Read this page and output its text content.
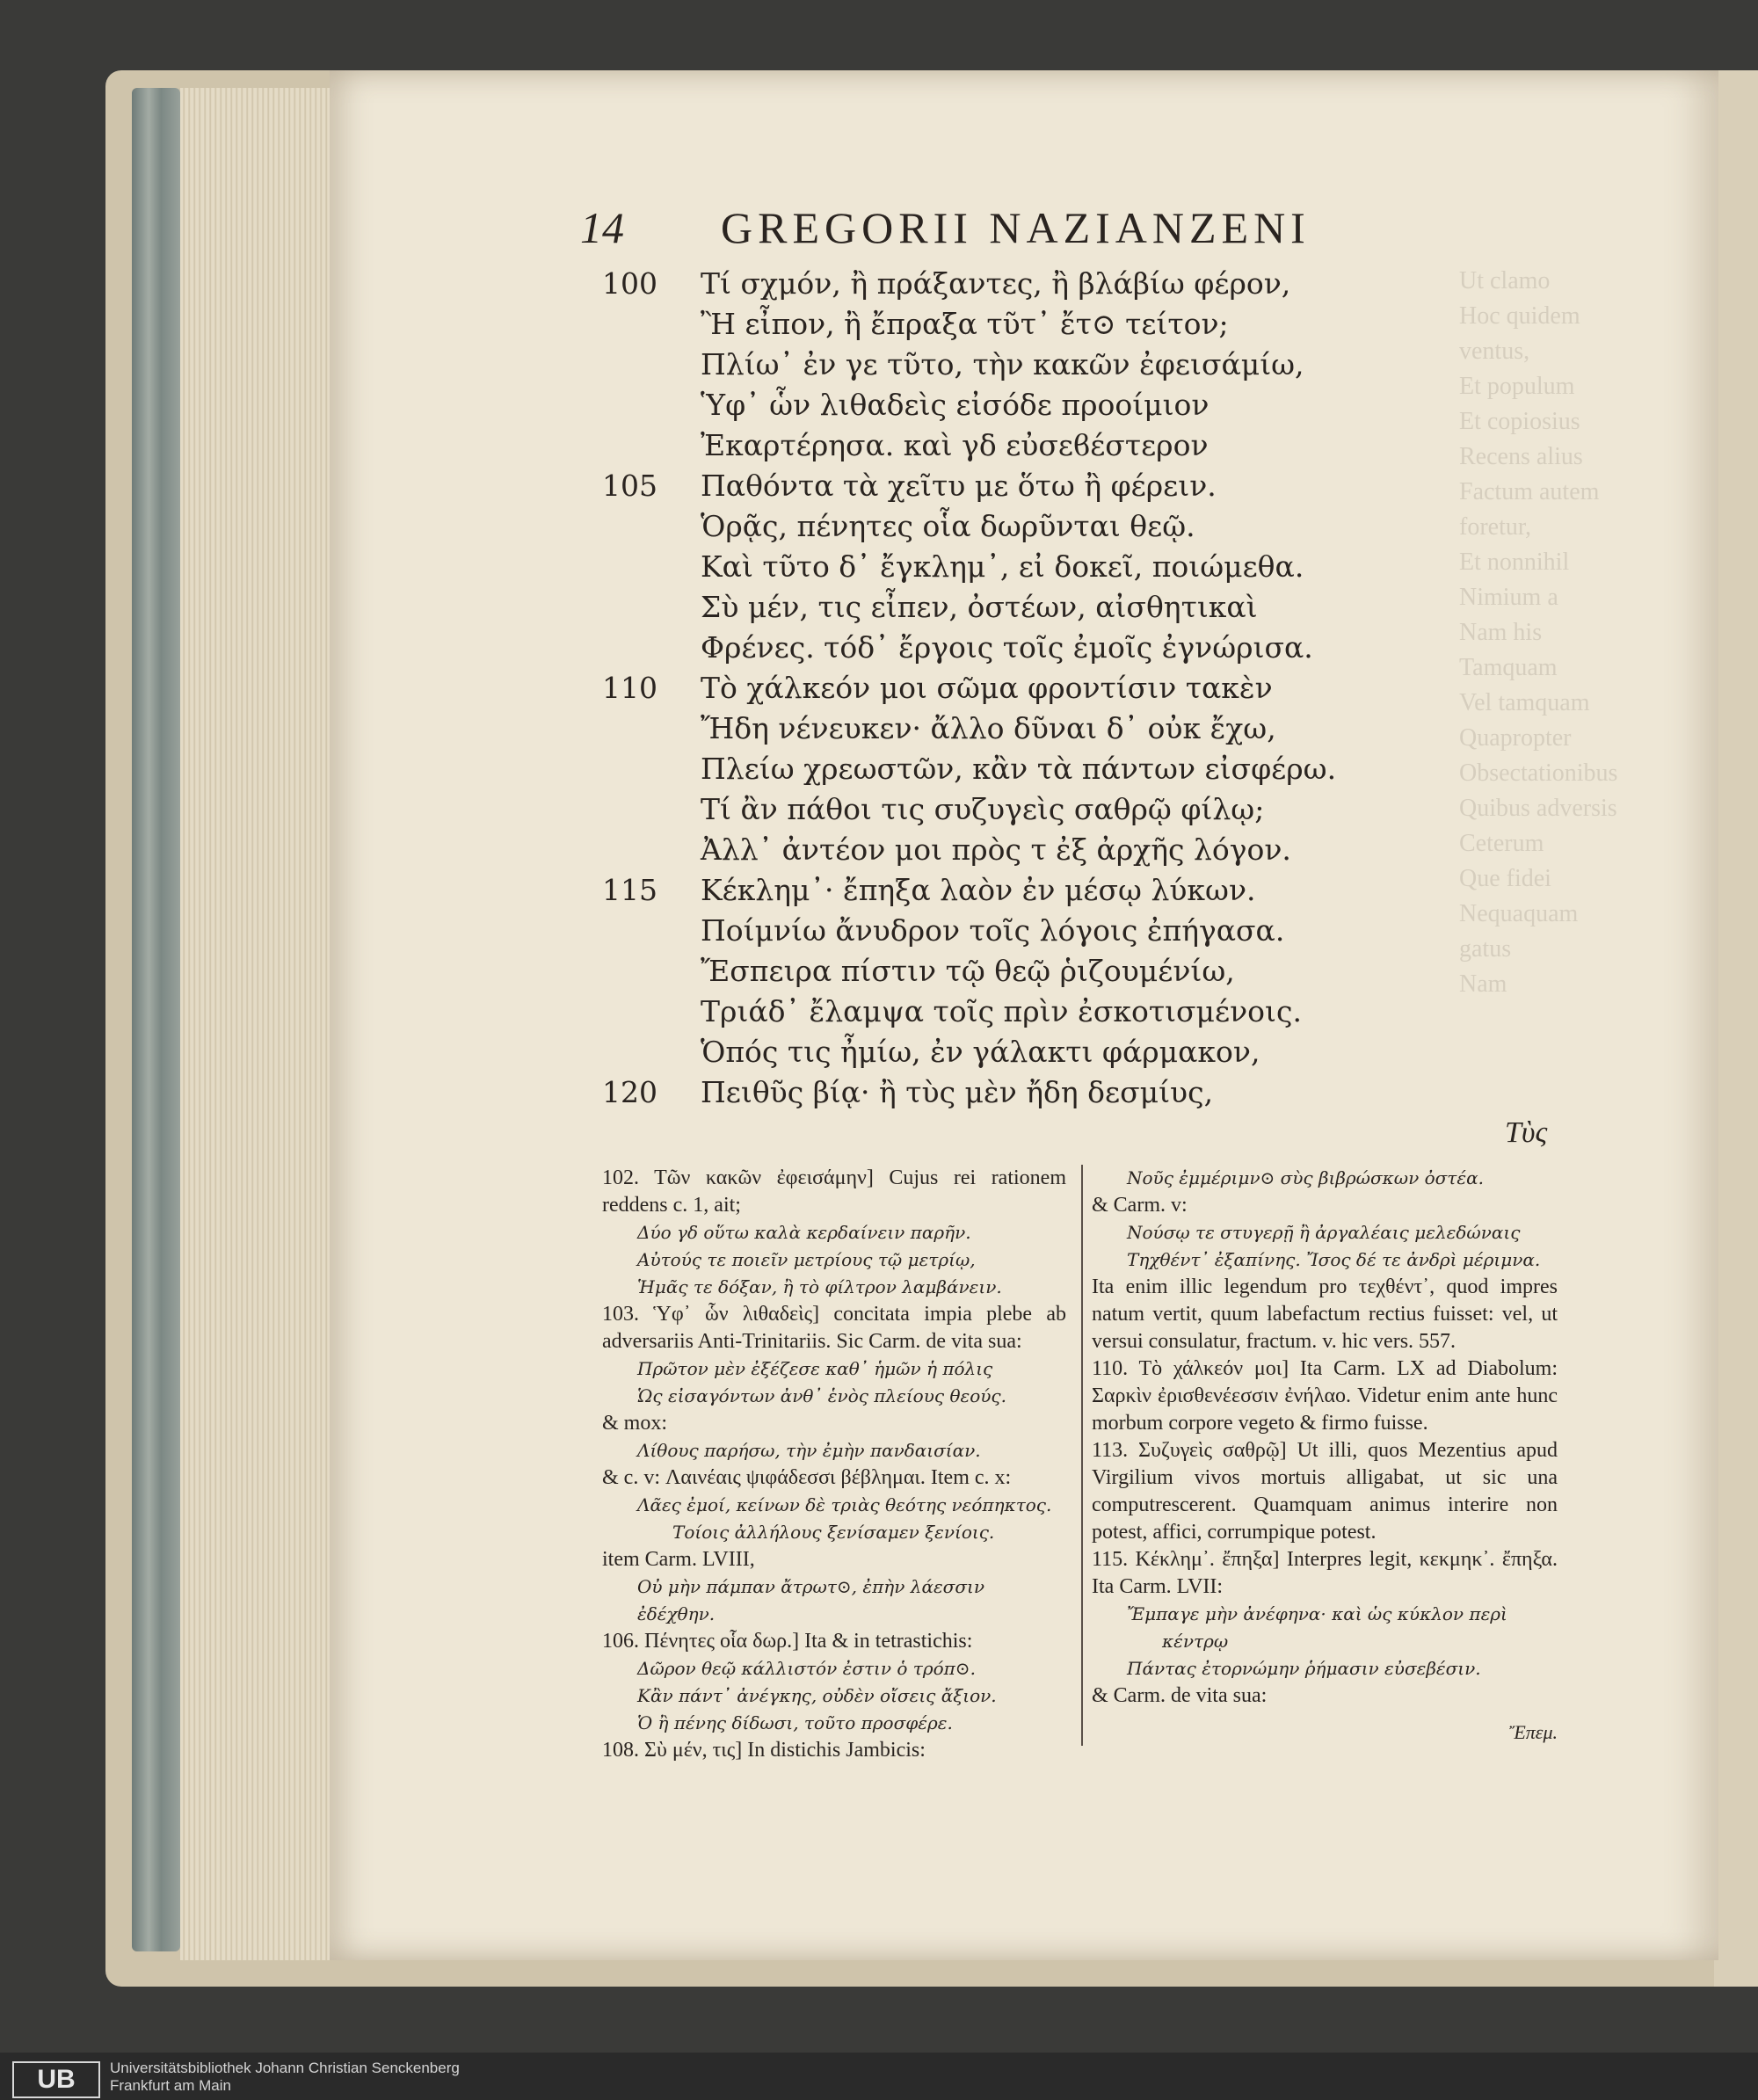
Ut clamo
Hoc quidem
ventus,
Et populum
Et copiosius
Recens alius
Factum autem
foretur,
Et nonnihil
Nimium a
Nam his
Tamquam
Vel tamquam
Quapropter
Obsectationibus
Quibus adversis
Ceterum
Que fidei
Nequaquam
gatus
Nam
14 GREGORII NAZIANZENI
100	Τί σχμόν, ἢ πράξαντες, ἢ βλάβίω φέρον,
Ἢ εἶπον, ἢ ἔπραξα τῦτ᾽ ἔτ⊙ τείτον;
Πλίω᾽ ἐν γε τῦτο, τὴν κακῶν ἐφεισάμίω,
Ὑφ᾽ ὧν λιθαδεὶς εἰσόδε προοίμιον
Ἐκαρτέρησα. καὶ γδ εὐσεϐέστερον
105	Παθόντα τὰ χεῖτυ με ὅτω ἢ φέρειν.
Ὁρᾷς, πένητες οἷα δωρῦνται θεῷ.
Καὶ τῦτο δ᾽ ἔγκλημ᾽, εἰ δοκεῖ, ποιώμεθα.
Σὺ μέν, τις εἶπεν, ὀστέων, αἰσθητικαὶ
Φρένες. τόδ᾽ ἔργοις τοῖς ἐμοῖς ἐγνώρισα.
110	Τὸ χάλκεόν μοι σῶμα φροντίσιν τακὲν
Ἤδη νένευκεν· ἄλλο δῦναι δ᾽ οὐκ ἔχω,
Πλείω χρεωστῶν, κἂν τὰ πάντων εἰσφέρω.
Τί ἂν πάθοι τις συζυγεὶς σαθρῷ φίλῳ;
Ἀλλ᾽ ἀντέον μοι πρὸς τ ἐξ ἀρχῆς λόγον.
115	Κέκλημ᾽· ἔπηξα λαὸν ἐν μέσῳ λύκων.
Ποίμνίω ἄνυδρον τοῖς λόγοις ἐπήγασα.
Ἔσπειρα πίστιν τῷ θεῷ ῥιζουμένίω,
Τριάδ᾽ ἔλαμψα τοῖς πρὶν ἐσκοτισμένοις.
Ὁπός τις ἦμίω, ἐν γάλακτι φάρμακον,
120	Πειθῦς βίᾳ· ἢ τὺς μὲν ἤδη δεσμίυς,
Τὺς
102. Τῶν κακῶν ἐφεισάμην] Cujus rei rationem reddens c. 1, ait;
Δύο γδ οὕτω καλὰ κερδαίνειν παρῆν.
Αὐτούς τε ποιεῖν μετρίους τῷ μετρίῳ,
Ἡμᾶς τε δόξαν, ἢ τὸ φίλτρον λαμβάνειν.
103. Ὑφ᾽ ὧν λιθαδεὶς] concitata impia plebe ab adversariis Anti-Trinitariis. Sic Carm. de vita sua:
Πρῶτον μὲν ἐξέζεσε καθ᾽ ἡμῶν ἡ πόλις
Ὡς εἰσαγόντων ἀνθ᾽ ἑνὸς πλείους θεούς.
& mox:
Λίθους παρήσω, τὴν ἐμὴν πανδαισίαν.
& c. v: Λαινέαις ψιφάδεσσι βέβλημαι. Item c. x:
Λᾶες ἐμοί, κείνων δὲ τριὰς θεότης νεόπηκτος.
Τοίοις ἀλλήλους ξενίσαμεν ξενίοις.
item Carm. LVIII,
Οὐ μὴν πάμπαν ἄτρωτ⊙, ἐπὴν λάεσσιν
ἐδέχθην.
106. Πένητες οἷα δωρ.] Ita & in tetrastichis:
Δῶρον θεῷ κάλλιστόν ἐστιν ὁ τρόπ⊙.
Κἂν πάντ᾽ ἀνέγκης, οὐδὲν οἴσεις ἄξιον.
Ὁ ἢ πένης δίδωσι, τοῦτο προσφέρε.
108. Σὺ μέν, τις] In distichis Jambicis:
Νοῦς ἐμμέριμν⊙ σὺς βιβρώσκων ὀστέα.
& Carm. v:
Νούσῳ τε στυγερῇ ἢ ἀργαλέαις μελεδώναις
Τηχθέντ᾽ ἐξαπίνης. Ἴσος δέ τε ἀνδρὶ μέριμνα.
Ita enim illic legendum pro τεχθέντ᾽, quod impres natum vertit, quum labefactum rectius fuisset: vel, ut versui consulatur, fractum. v. hic vers. 557.
110. Τὸ χάλκεόν μοι] Ita Carm. LX ad Diabolum: Σαρκὶν ἐρισθενέεσσιν ἐνήλαο. Videtur enim ante hunc morbum corpore vegeto & firmo fuisse.
113. Συζυγεὶς σαθρῷ] Ut illi, quos Mezentius apud Virgilium vivos mortuis alligabat, ut sic una computrescerent. Quamquam animus interire non potest, affici, corrumpique potest.
115. Κέκλημ᾽. ἔπηξα] Interpres legit, κεκμηκ᾽. ἔπηξα. Ita Carm. LVII:
Ἔμπαγε μὴν ἀνέφηνα· καὶ ὡς κύκλον περὶ
κέντρῳ
Πάντας ἐτορνώμην ῥήμασιν εὐσεβέσιν.
& Carm. de vita sua:
Ἔπεμ.
UB	Universitätsbibliothek Johann Christian Senckenberg
Frankfurt am Main
